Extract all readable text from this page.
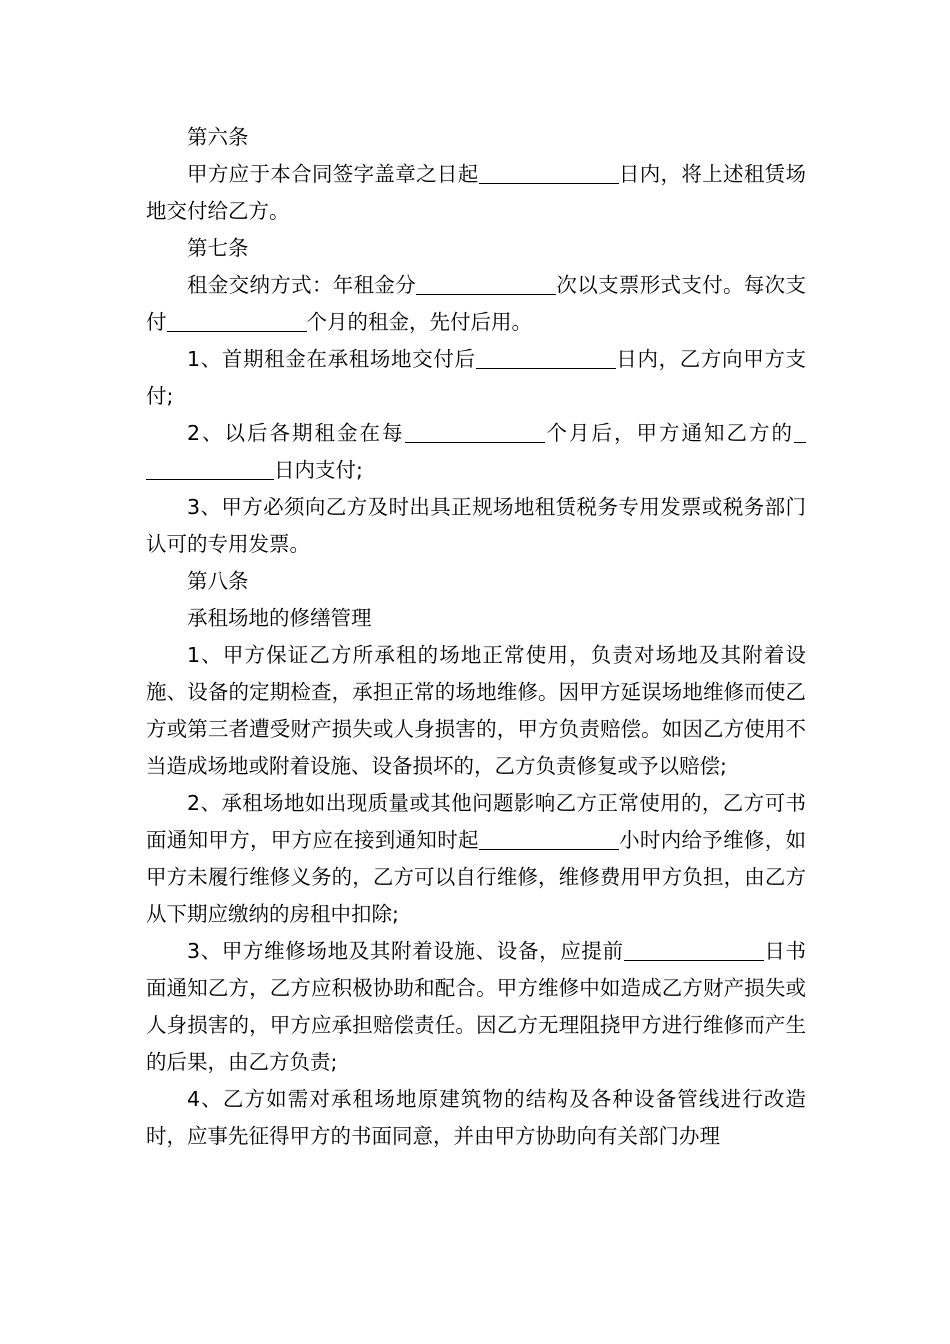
第六条

甲方应于本合同签字盖章之日起	日内，将上述租赁场地交付给乙方。

第七条

租金交纳方式：年租金分	次以支票形式支付。每次支付	个月的租金，先付后用。

1、首期租金在承租场地交付后	日内，乙方向甲方支付;

2、以后各期租金在每	个月后，甲方通知乙方的日内支付;

3、甲方必须向乙方及时出具正规场地租赁税务专用发票或税务部门认可的专用发票。

第八条

承租场地的修缮管理

1、甲方保证乙方所承租的场地正常使用，负责对场地及其附着设施、设备的定期检查，承担正常的场地维修。因甲方延误场地维修而使乙方或第三者遭受财产损失或人身损害的，甲方负责赔偿。如因乙方使用不当造成场地或附着设施、设备损坏的，乙方负责修复或予以赔偿;

2、承租场地如出现质量或其他问题影响乙方正常使用的，乙方可书面通知甲方，甲方应在接到通知时起	小时内给予维修，如甲方未履行维修义务的，乙方可以自行维修，维修费用甲方负担，由乙方从下期应缴纳的房租中扣除;

3、甲方维修场地及其附着设施、设备，应提前	日书面通知乙方，乙方应积极协助和配合。甲方维修中如造成乙方财产损失或人身损害的，甲方应承担赔偿责任。因乙方无理阻挠甲方进行维修而产生的后果，由乙方负责;

4、乙方如需对承租场地原建筑物的结构及各种设备管线进行改造时，应事先征得甲方的书面同意，并由甲方协助向有关部门办理
